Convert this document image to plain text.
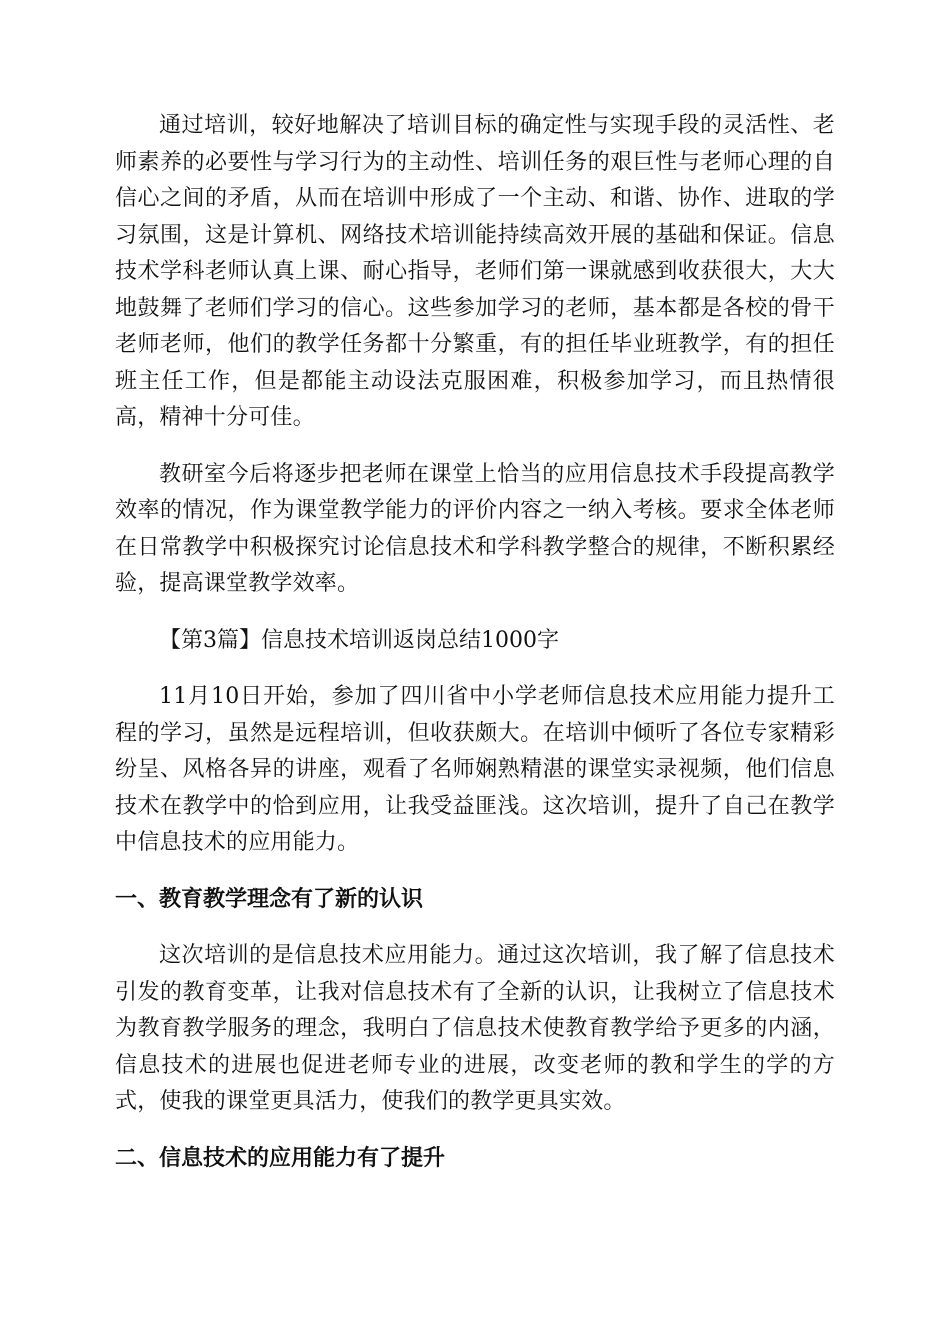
通过培训，较好地解决了培训目标的确定性与实现手段的灵活性、老师素养的必要性与学习行为的主动性、培训任务的艰巨性与老师心理的自信心之间的矛盾，从而在培训中形成了一个主动、和谐、协作、进取的学习氛围，这是计算机、网络技术培训能持续高效开展的基础和保证。信息技术学科老师认真上课、耐心指导，老师们第一课就感到收获很大，大大地鼓舞了老师们学习的信心。这些参加学习的老师，基本都是各校的骨干老师老师，他们的教学任务都十分繁重，有的担任毕业班教学，有的担任班主任工作，但是都能主动设法克服困难，积极参加学习，而且热情很高，精神十分可佳。

教研室今后将逐步把老师在课堂上恰当的应用信息技术手段提高教学效率的情况，作为课堂教学能力的评价内容之一纳入考核。要求全体老师在日常教学中积极探究讨论信息技术和学科教学整合的规律，不断积累经验，提高课堂教学效率。

【第3篇】信息技术培训返岗总结1000字

11月10日开始，参加了四川省中小学老师信息技术应用能力提升工程的学习，虽然是远程培训，但收获颇大。在培训中倾听了各位专家精彩纷呈、风格各异的讲座，观看了名师娴熟精湛的课堂实录视频，他们信息技术在教学中的恰到应用，让我受益匪浅。这次培训，提升了自己在教学中信息技术的应用能力。

一、教育教学理念有了新的认识

这次培训的是信息技术应用能力。通过这次培训，我了解了信息技术引发的教育变革，让我对信息技术有了全新的认识，让我树立了信息技术为教育教学服务的理念，我明白了信息技术使教育教学给予更多的内涵，信息技术的进展也促进老师专业的进展，改变老师的教和学生的学的方式，使我的课堂更具活力，使我们的教学更具实效。

二、信息技术的应用能力有了提升
